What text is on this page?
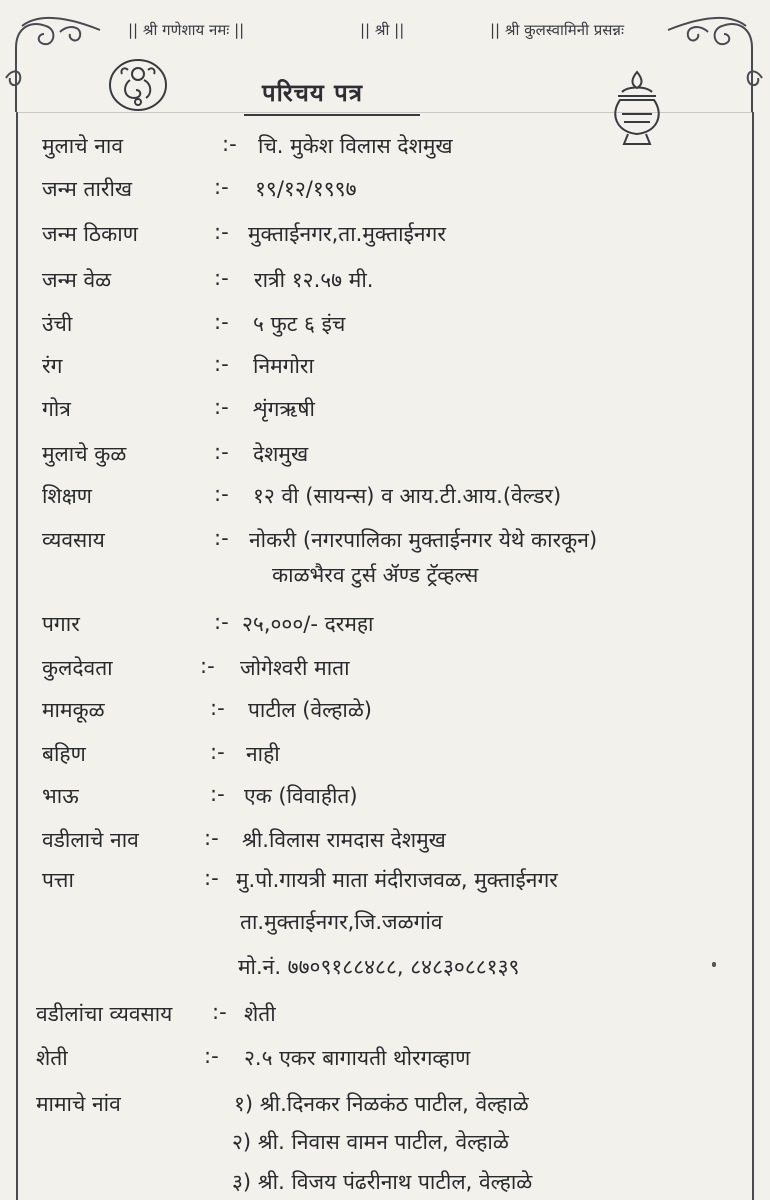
|| श्री गणेशाय नमः ||	|| श्री ||	|| श्री कुलस्वामिनी प्रसन्नः
परिचय पत्र
मुलाचे नाव	:- चि. मुकेश विलास देशमुख
जन्म तारीख	:- १९/१२/१९९७
जन्म ठिकाण	:- मुक्ताईनगर,ता.मुक्ताईनगर
जन्म वेळ	:- रात्री १२.५७ मी.
उंची	:- ५ फुट ६ इंच
रंग	:- निमगोरा
गोत्र	:- शृंगऋषी
मुलाचे कुळ	:- देशमुख
शिक्षण	:- १२ वी (सायन्स) व आय.टी.आय.(वेल्डर)
व्यवसाय	:- नोकरी (नगरपालिका मुक्ताईनगर येथे कारकून)
काळभैरव टुर्स ॲण्ड ट्रॅव्हल्स
पगार	:- २५,०००/- दरमहा
कुलदेवता	:- जोगेश्वरी माता
मामकूळ	:- पाटील (वेल्हाळे)
बहिण	:- नाही
भाऊ	:- एक (विवाहीत)
वडीलाचे नाव	:- श्री.विलास रामदास देशमुख
पत्ता	:- मु.पो.गायत्री माता मंदीराजवळ, मुक्ताईनगर
ता.मुक्ताईनगर,जि.जळगांव
मो.नं. ७७०९१८८४८८, ८४८३०८८१३९
वडीलांचा व्यवसाय :- शेती
शेती	:- २.५ एकर बागायती थोरगव्हाण
मामाचे नांव	१) श्री.दिनकर निळकंठ पाटील, वेल्हाळे
२) श्री. निवास वामन पाटील, वेल्हाळे
३) श्री. विजय पंढरीनाथ पाटील, वेल्हाळे
